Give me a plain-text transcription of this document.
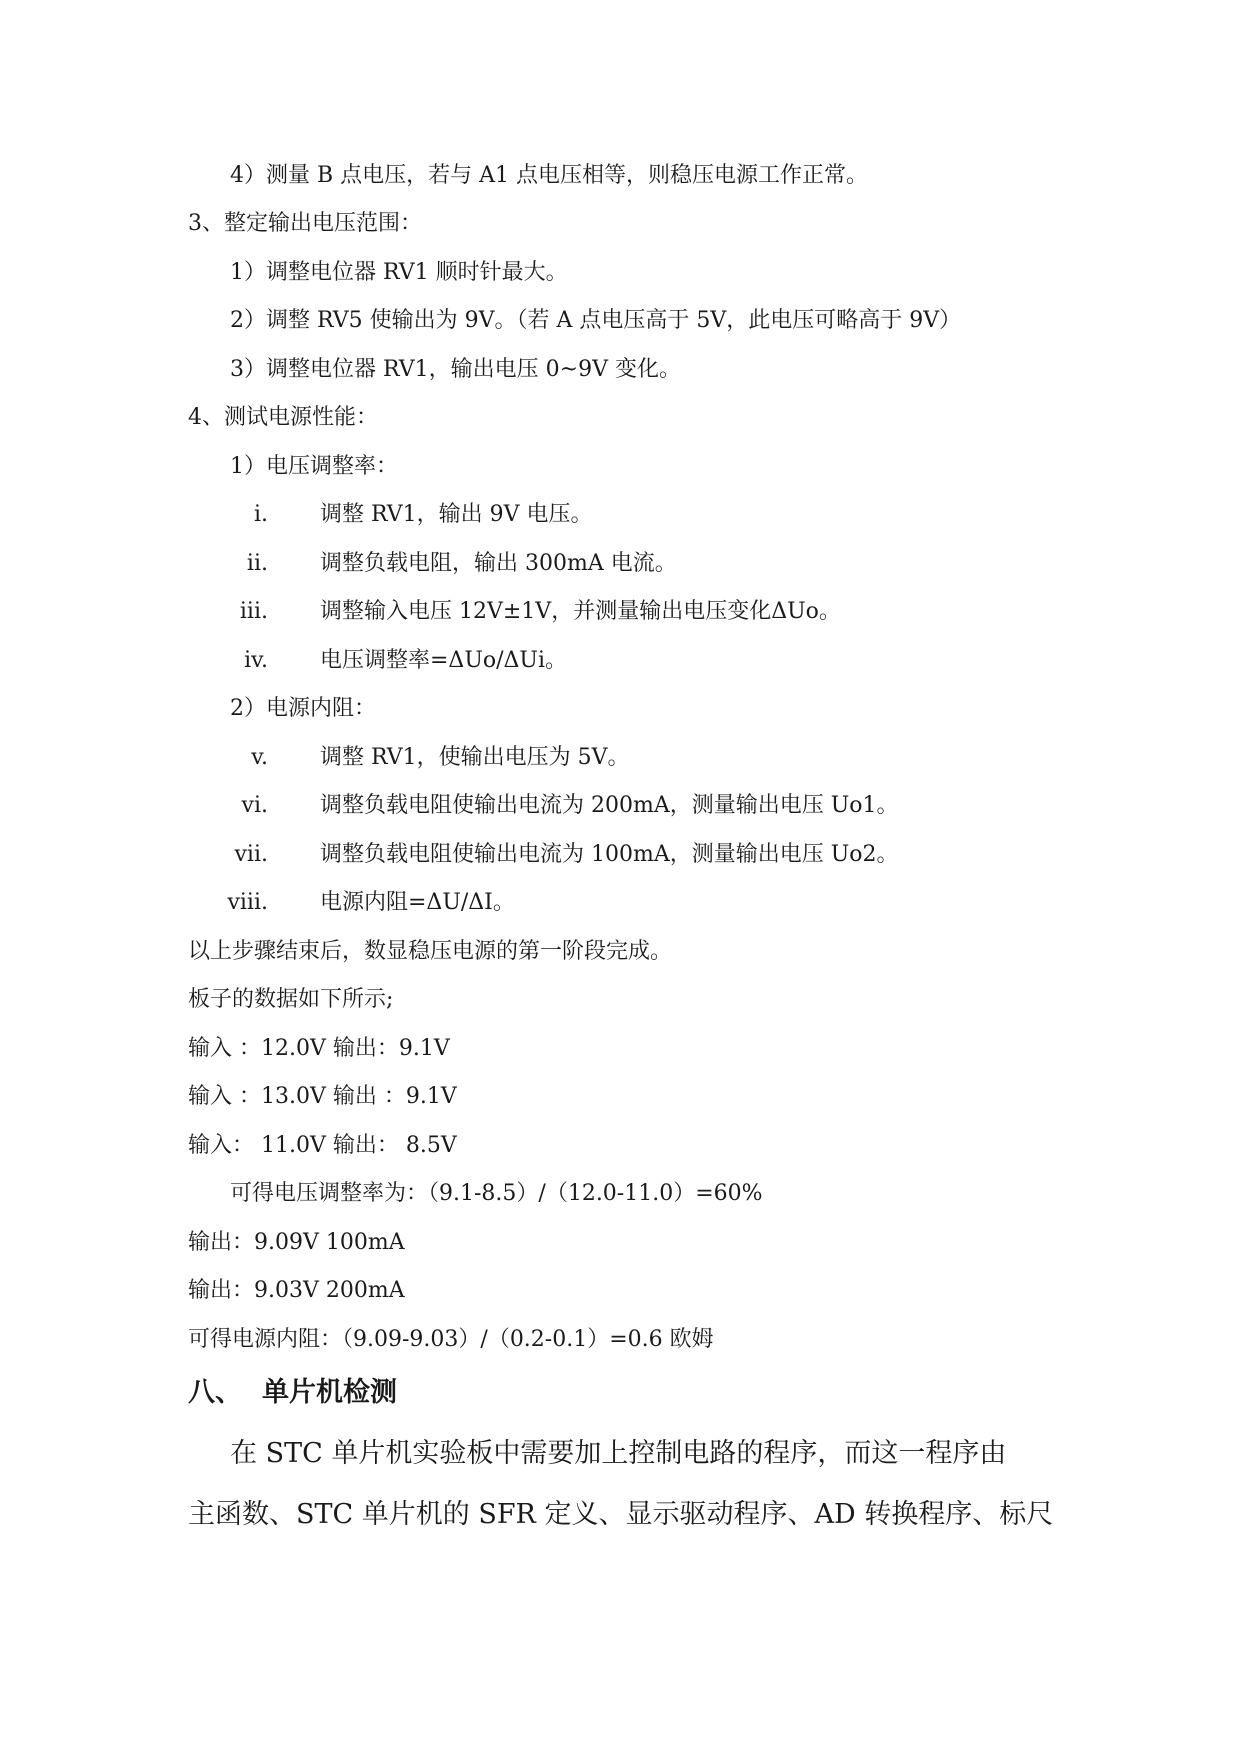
4）测量 B 点电压，若与 A1 点电压相等，则稳压电源工作正常。
3、整定输出电压范围：
1）调整电位器 RV1 顺时针最大。
2）调整 RV5 使输出为 9V。（若 A 点电压高于 5V，此电压可略高于 9V）
3）调整电位器 RV1，输出电压 0~9V 变化。
4、测试电源性能：
1）电压调整率：
i. 调整 RV1，输出 9V 电压。
ii. 调整负载电阻，输出 300mA 电流。
iii. 调整输入电压 12V±1V，并测量输出电压变化ΔUo。
iv. 电压调整率=ΔUo/ΔUi。
2）电源内阻：
v. 调整 RV1，使输出电压为 5V。
vi. 调整负载电阻使输出电流为 200mA，测量输出电压 Uo1。
vii. 调整负载电阻使输出电流为 100mA，测量输出电压 Uo2。
viii. 电源内阻=ΔU/ΔI。
以上步骤结束后，数显稳压电源的第一阶段完成。
板子的数据如下所示;
输入 ：12.0V 输出：9.1V
输入 ：13.0V 输出 ：9.1V
输入： 11.0V 输出： 8.5V
可得电压调整率为：（9.1-8.5）/（12.0-11.0）=60%
输出：9.09V 100mA
输出：9.03V 200mA
可得电源内阻：（9.09-9.03）/（0.2-0.1）=0.6 欧姆
八、 单片机检测
在 STC 单片机实验板中需要加上控制电路的程序，而这一程序由
主函数、STC 单片机的 SFR 定义、显示驱动程序、AD 转换程序、标尺
